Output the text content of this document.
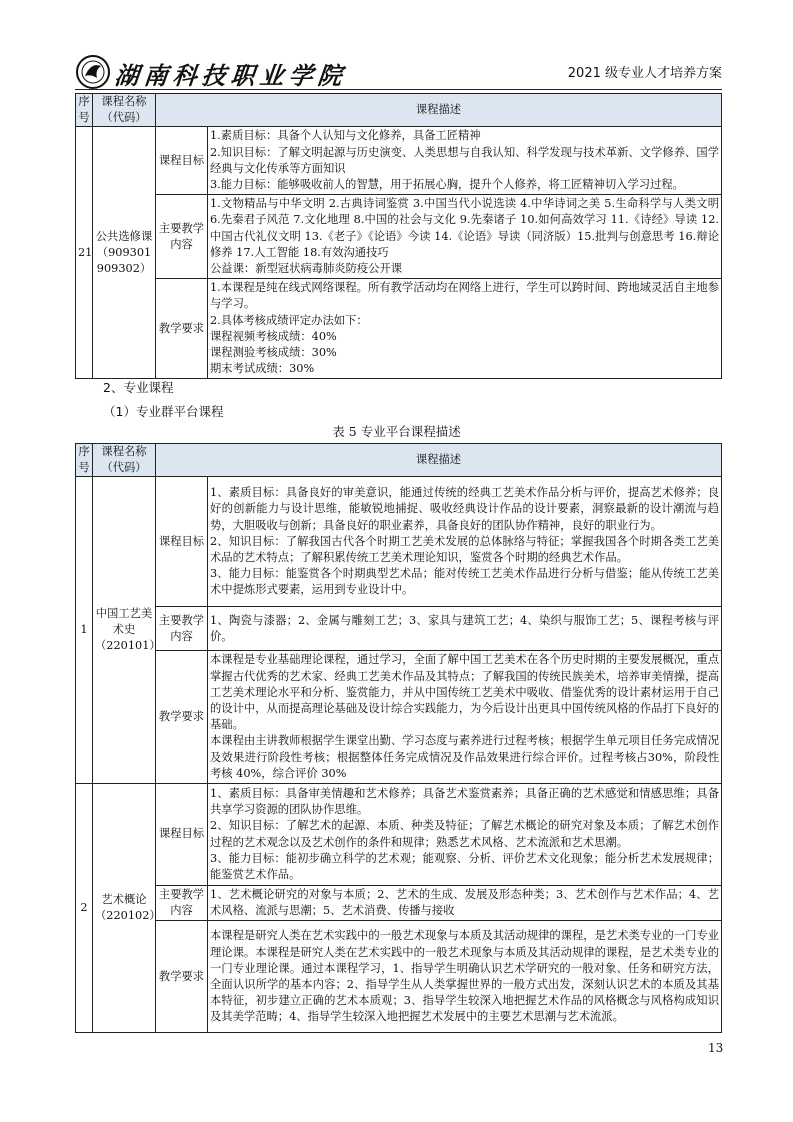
湖南科技职业学院	2021 级专业人才培养方案
序号	课程名称（代码）	课程描述	
21	公共选修课（909301 909302）	课程目标	1.素质目标：具备个人认知与文化修养，具备工匠精神
2.知识目标：了解文明起源与历史演变、人类思想与自我认知、科学发现与技术革新、文学修养、国学经典与文化传承等方面知识
3.能力目标：能够吸收前人的智慧，用于拓展心胸，提升个人修养，将工匠精神切入学习过程。

		主要教学内容	1.文物精品与中华文明 2.古典诗词鉴赏 3.中国当代小说选读 4.中华诗词之美 5.生命科学与人类文明 6.先秦君子风范 7.文化地理 8.中国的社会与文化 9.先秦诸子 10.如何高效学习 11.《诗经》导读 12.中国古代礼仪文明 13.《老子》《论语》今读 14.《论语》导读（同济版）15.批判与创意思考 16.辩论修养 17.人工智能 18.有效沟通技巧
公益课：新型冠状病毒肺炎防疫公开课

		教学要求	1.本课程是纯在线式网络课程。所有教学活动均在网络上进行，学生可以跨时间、跨地域灵活自主地参与学习。
2.具体考核成绩评定办法如下：
课程视频考核成绩：40%
课程测验考核成绩：30%
期末考试成绩：30%
2、专业课程
（1）专业群平台课程
表 5 专业平台课程描述
序号	课程名称（代码）	课程描述	
1	中国工艺美术史（220101）	课程目标	1、素质目标：具备良好的审美意识，能通过传统的经典工艺美术作品分析与评价，提高艺术修养；良好的创新能力与设计思维，能敏锐地捕捉、吸收经典设计作品的设计要素，洞察最新的设计潮流与趋势，大胆吸收与创新；具备良好的职业素养，具备良好的团队协作精神，良好的职业行为。
2、知识目标：了解我国古代各个时期工艺美术发展的总体脉络与特征；掌握我国各个时期各类工艺美术品的艺术特点；了解积累传统工艺美术理论知识，鉴赏各个时期的经典艺术作品。
3、能力目标：能鉴赏各个时期典型艺术品；能对传统工艺美术作品进行分析与借鉴；能从传统工艺美术中提炼形式要素，运用到专业设计中。

		主要教学内容	1、陶瓷与漆器；2、金属与雕刻工艺；3、家具与建筑工艺；4、染织与服饰工艺；5、课程考核与评价。

		教学要求	本课程是专业基础理论课程，通过学习，全面了解中国工艺美术在各个历史时期的主要发展概况，重点掌握古代优秀的艺术家、经典工艺美术作品及其特点；了解我国的传统民族美术，培养审美情操，提高工艺美术理论水平和分析、鉴赏能力，并从中国传统工艺美术中吸收、借鉴优秀的设计素材运用于自己的设计中，从而提高理论基础及设计综合实践能力，为今后设计出更具中国传统风格的作品打下良好的基础。
本课程由主讲教师根据学生课堂出勤、学习态度与素养进行过程考核；根据学生单元项目任务完成情况及效果进行阶段性考核；根据整体任务完成情况及作品效果进行综合评价。过程考核占30%，阶段性考核 40%，综合评价 30%

2	艺术概论（220102）	课程目标	1、素质目标：具备审美情趣和艺术修养；具备艺术鉴赏素养；具备正确的艺术感觉和情感思维；具备共享学习资源的团队协作思维。
2、知识目标：了解艺术的起源、本质、种类及特征；了解艺术概论的研究对象及本质；了解艺术创作过程的艺术观念以及艺术创作的条件和规律；熟悉艺术风格、艺术流派和艺术思潮。
3、能力目标：能初步确立科学的艺术观；能观察、分析、评价艺术文化现象；能分析艺术发展规律；能鉴赏艺术作品。

		主要教学内容	1、艺术概论研究的对象与本质；2、艺术的生成、发展及形态种类；3、艺术创作与艺术作品；4、艺术风格、流派与思潮；5、艺术消费、传播与接收

		教学要求	本课程是研究人类在艺术实践中的一般艺术现象与本质及其活动规律的课程，是艺术类专业的一门专业理论课。本课程是研究人类在艺术实践中的一般艺术现象与本质及其活动规律的课程，是艺术类专业的一门专业理论课。通过本课程学习，1、指导学生明确认识艺术学研究的一般对象、任务和研究方法，全面认识所学的基本内容；2、指导学生从人类掌握世界的一般方式出发，深刻认识艺术的本质及其基本特征，初步建立正确的艺术本质观；3、指导学生较深入地把握艺术作品的风格概念与风格构成知识及其美学范畴；4、指导学生较深入地把握艺术发展中的主要艺术思潮与艺术流派。
13
